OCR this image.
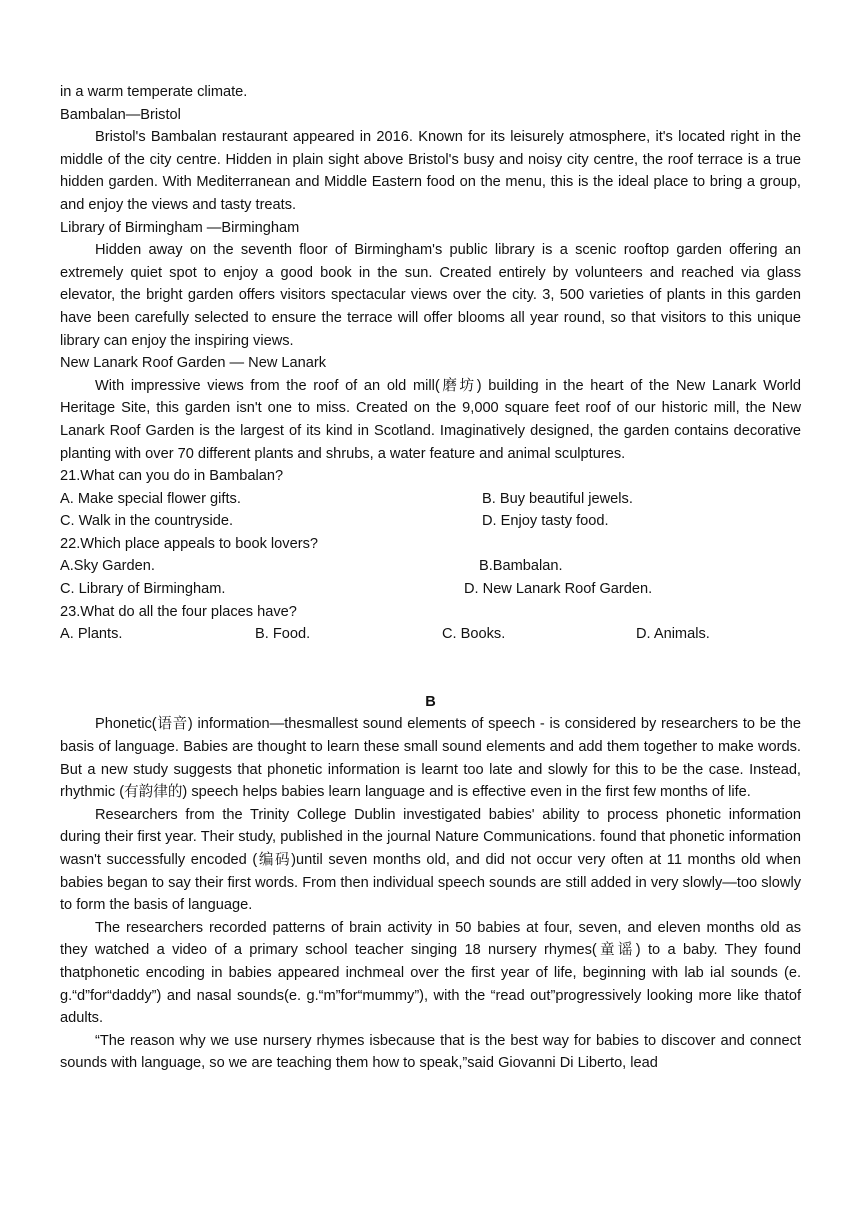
in a warm temperate climate.

Bambalan—Bristol

Bristol's Bambalan restaurant appeared in 2016. Known for its leisurely atmosphere, it's located right in the middle of the city centre. Hidden in plain sight above Bristol's busy and noisy city centre, the roof terrace is a true hidden garden. With Mediterranean and Middle Eastern food on the menu, this is the ideal place to bring a group, and enjoy the views and tasty treats.

Library of Birmingham —Birmingham

Hidden away on the seventh floor of Birmingham's public library is a scenic rooftop garden offering an extremely quiet spot to enjoy a good book in the sun. Created entirely by volunteers and reached via glass elevator, the bright garden offers visitors spectacular views over the city. 3, 500 varieties of plants in this garden have been carefully selected to ensure the terrace will offer blooms all year round, so that visitors to this unique library can enjoy the inspiring views.

New Lanark Roof Garden — New Lanark

With impressive views from the roof of an old mill(磨坊) building in the heart of the New Lanark World Heritage Site, this garden isn't one to miss. Created on the 9,000 square feet roof of our historic mill, the New Lanark Roof Garden is the largest of its kind in Scotland. Imaginatively designed, the garden contains decorative planting with over 70 different plants and shrubs, a water feature and animal sculptures.

21.What can you do in Bambalan?

A. Make special flower gifts.	B. Buy beautiful jewels.
C. Walk in the countryside.	D. Enjoy tasty food.

22.Which place appeals to book lovers?

A.Sky Garden.	B.Bambalan.
C. Library of Birmingham.	D. New Lanark Roof Garden.

23.What do all the four places have?

A. Plants.	B. Food.	C. Books.	D. Animals.

B

Phonetic(语音) information—thesmallest sound elements of speech - is considered by researchers to be the basis of language. Babies are thought to learn these small sound elements and add them together to make words. But a new study suggests that phonetic information is learnt too late and slowly for this to be the case. Instead, rhythmic (有韵律的) speech helps babies learn language and is effective even in the first few months of life.

Researchers from the Trinity College Dublin investigated babies' ability to process phonetic information during their first year. Their study, published in the journal Nature Communications. found that phonetic information wasn't successfully encoded (编码)until seven months old, and did not occur very often at 11 months old when babies began to say their first words. From then individual speech sounds are still added in very slowly—too slowly to form the basis of language.

The researchers recorded patterns of brain activity in 50 babies at four, seven, and eleven months old as they watched a video of a primary school teacher singing 18 nursery rhymes(童谣) to a baby. They found thatphonetic encoding in babies appeared inchmeal over the first year of life, beginning with lab ial sounds (e. g.“d”for“daddy”) and nasal sounds(e. g.“m”for“mummy”), with the “read out”progressively looking more like thatof adults.

“The reason why we use nursery rhymes isbecause that is the best way for babies to discover and connect sounds with language, so we are teaching them how to speak,”said Giovanni Di Liberto, lead
